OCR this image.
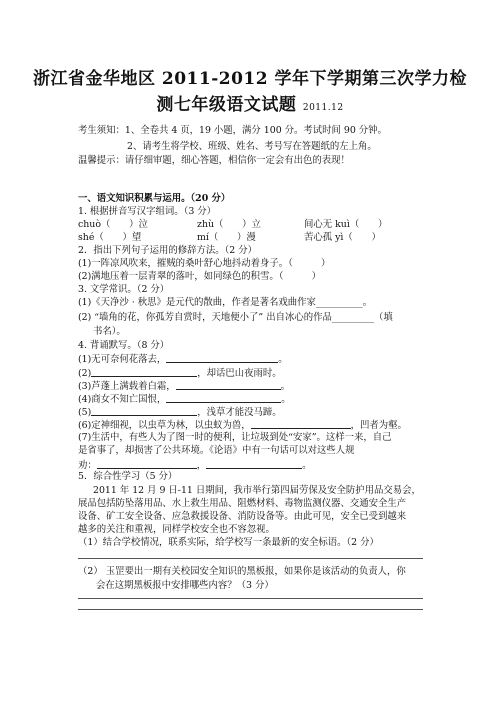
浙江省金华地区 2011-2012 学年下学期第三次学力检
测七年级语文试题 2011.12
考生须知：1、全卷共 4 页，19 小题，满分 100 分。考试时间 90 分钟。
2、请考生将学校、班级、姓名、考号写在答题纸的左上角。
温馨提示：请仔细审题，细心答题，相信你一定会有出色的表现！
一、语文知识积累与运用。（20 分）
1. 根据拼音写汉字组词。（3 分）
chuò（　　）泣	zhù（　　）立	间心无 kuì（　　）
shé（　　）望	mí（　　）漫	苦心孤 yì（　　）
2．指出下列句子运用的修辞方法。（2 分）
(1)一阵凉风吹来，摧贼的桑叶舒心地抖动着身子。（　　　）
(2)满地压着一层青翠的落叶，如同绿色的积雪。（　　　）
3. 文学常识。（2 分）
(1)《天净沙 · 秋思》是元代的散曲，作者是著名戏曲作家__________。
(2) “墙角的花，你孤芳自赏时，天地便小了” 出自冰心的作品_________（填
书名）。
4. 背诵默写。（8 分）
(1)无可奈何花落去，	。
(2)	，却话巴山夜雨时。
(3)芦蓬上满载着白霜，	。
(4)商女不知亡国恨，	。
(5)	，浅草才能没马蹄。
(6)定神细视，以虫草为林，以虫蚁为兽，	，凹者为壑。
(7)生活中，有些人为了图一时的便利，让垃圾到处“安家”。这样一来，自己
是省事了，却损害了公共环境。《论语》中有一句话可以对这些人规
劝：	，	。
5．综合性学习（5 分）
2011 年 12 月 9 日-11 日期间，我市举行第四届劳保及安全防护用品交易会，
展品包括防坠落用品、水上救生用品、阻燃材料、毒物监测仪器、交通安全生产
设备、矿工安全设备、应急救援设备、消防设备等。由此可见，安全已受到越来
越多的关注和重视，同样学校安全也不容忽视。
（1）结合学校情况，联系实际，给学校写一条最新的安全标语。（2 分）
（2） 玉罡要出一期有关校园安全知识的黑板报，如果你是该活动的负责人，你
会在这期黑板报中安排哪些内容？（3 分）
